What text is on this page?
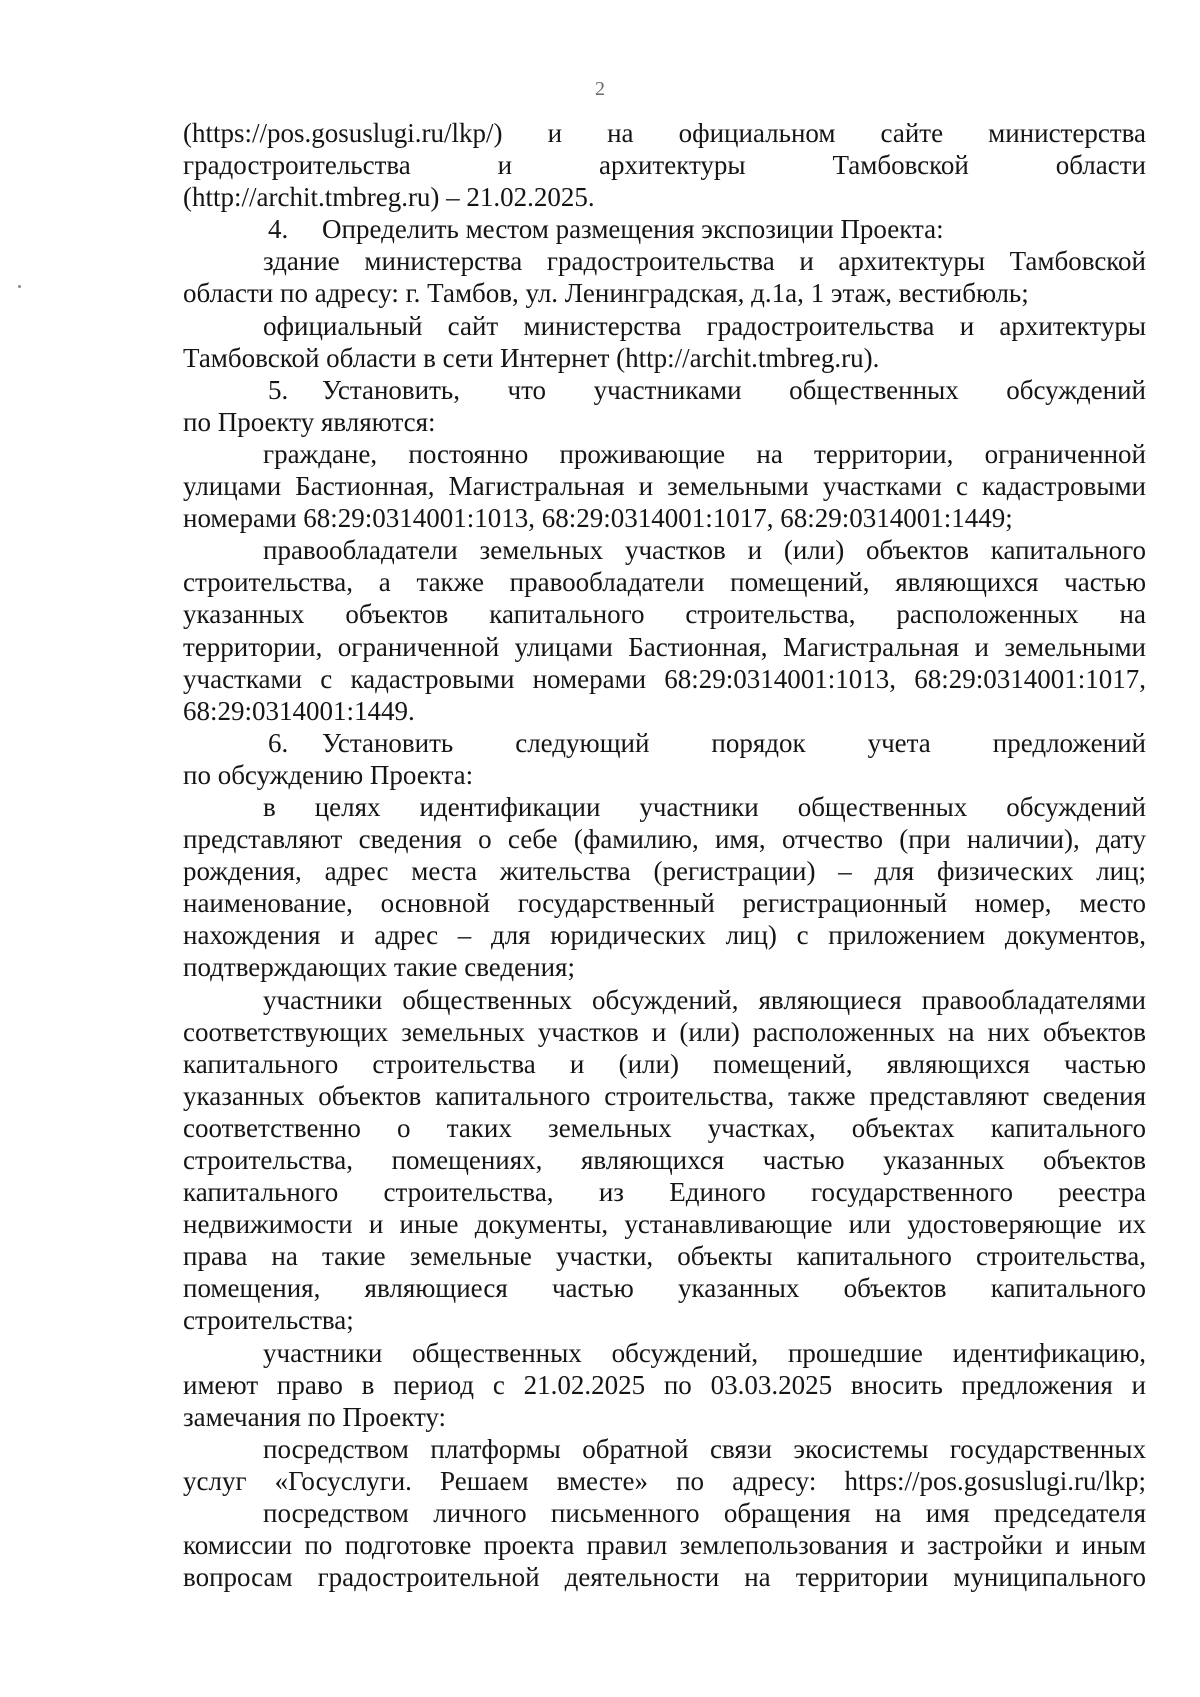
2
(https://pos.gosuslugi.ru/lkp/) и на официальном сайте министерства
градостроительства и архитектуры Тамбовской области
(http://archit.tmbreg.ru) – 21.02.2025.
4. Определить местом размещения экспозиции Проекта:
здание министерства градостроительства и архитектуры Тамбовской
области по адресу: г. Тамбов, ул. Ленинградская, д.1а, 1 этаж, вестибюль;
официальный сайт министерства градостроительства и архитектуры
Тамбовской области в сети Интернет (http://archit.tmbreg.ru).
5.	Установить, что участниками общественных обсуждений
по Проекту являются:
граждане, постоянно проживающие на территории, ограниченной
улицами Бастионная, Магистральная и земельными участками с кадастровыми
номерами 68:29:0314001:1013, 68:29:0314001:1017, 68:29:0314001:1449;
правообладатели земельных участков и (или) объектов капитального
строительства, а также правообладатели помещений, являющихся частью
указанных объектов капитального строительства, расположенных на
территории, ограниченной улицами Бастионная, Магистральная и земельными
участками с кадастровыми номерами 68:29:0314001:1013, 68:29:0314001:1017,
68:29:0314001:1449.
6.	Установить следующий порядок учета предложений
по обсуждению Проекта:
в целях идентификации участники общественных обсуждений
представляют сведения о себе (фамилию, имя, отчество (при наличии), дату
рождения, адрес места жительства (регистрации) – для физических лиц;
наименование, основной государственный регистрационный номер, место
нахождения и адрес – для юридических лиц) с приложением документов,
подтверждающих такие сведения;
участники общественных обсуждений, являющиеся правообладателями
соответствующих земельных участков и (или) расположенных на них объектов
капитального строительства и (или) помещений, являющихся частью
указанных объектов капитального строительства, также представляют сведения
соответственно о таких земельных участках, объектах капитального
строительства, помещениях, являющихся частью указанных объектов
капитального строительства, из Единого государственного реестра
недвижимости и иные документы, устанавливающие или удостоверяющие их
права на такие земельные участки, объекты капитального строительства,
помещения, являющиеся частью указанных объектов капитального
строительства;
участники общественных обсуждений, прошедшие идентификацию,
имеют право в период с 21.02.2025 по 03.03.2025 вносить предложения и
замечания по Проекту:
посредством платформы обратной связи экосистемы государственных
услуг «Госуслуги. Решаем вместе» по адресу: https://pos.gosuslugi.ru/lkp;
посредством личного письменного обращения на имя председателя
комиссии по подготовке проекта правил землепользования и застройки и иным
вопросам градостроительной деятельности на территории муниципального
